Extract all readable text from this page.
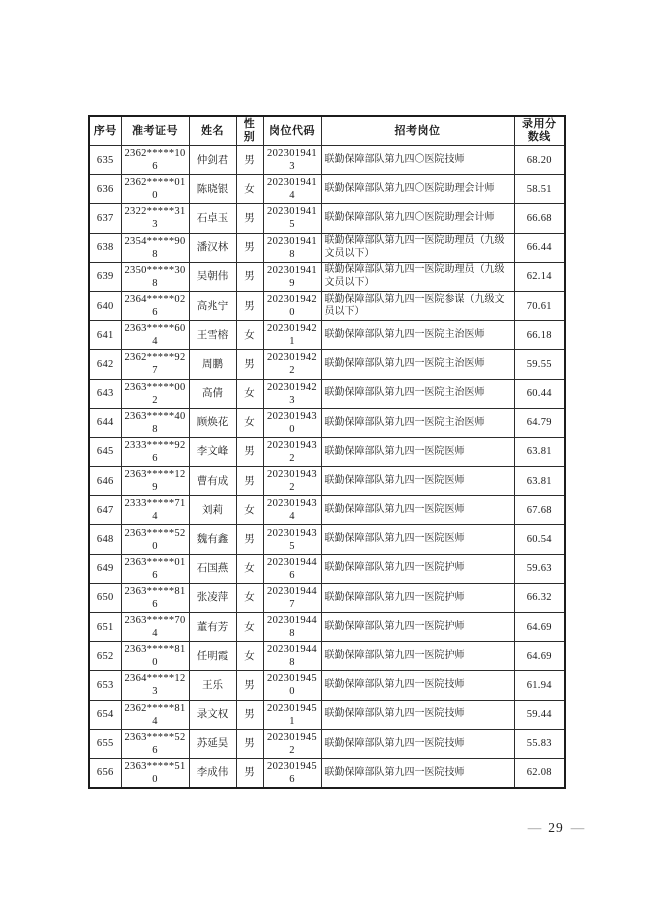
序号	准考证号	姓名	性别	岗位代码	招考岗位	录用分数线
635	2362*****106	仲剑君	男	2023019413	联勤保障部队第九四〇医院技师	68.20
636	2362*****010	陈晓银	女	2023019414	联勤保障部队第九四〇医院助理会计师	58.51
637	2322*****313	石卓玉	男	2023019415	联勤保障部队第九四〇医院助理会计师	66.68
638	2354*****908	潘汉林	男	2023019418	联勤保障部队第九四一医院助理员（九级文员以下）	66.44
639	2350*****308	吴朝伟	男	2023019419	联勤保障部队第九四一医院助理员（九级文员以下）	62.14
640	2364*****026	高兆宁	男	2023019420	联勤保障部队第九四一医院参谋（九级文员以下）	70.61
641	2363*****604	王雪榕	女	2023019421	联勤保障部队第九四一医院主治医师	66.18
642	2362*****927	周鹏	男	2023019422	联勤保障部队第九四一医院主治医师	59.55
643	2363*****002	高倩	女	2023019423	联勤保障部队第九四一医院主治医师	60.44
644	2363*****408	顾焕花	女	2023019430	联勤保障部队第九四一医院主治医师	64.79
645	2333*****926	李文峰	男	2023019432	联勤保障部队第九四一医院医师	63.81
646	2363*****129	曹有成	男	2023019432	联勤保障部队第九四一医院医师	63.81
647	2333*****714	刘莉	女	2023019434	联勤保障部队第九四一医院医师	67.68
648	2363*****520	魏有鑫	男	2023019435	联勤保障部队第九四一医院医师	60.54
649	2363*****016	石国燕	女	2023019446	联勤保障部队第九四一医院护师	59.63
650	2363*****816	张凌萍	女	2023019447	联勤保障部队第九四一医院护师	66.32
651	2363*****704	董有芳	女	2023019448	联勤保障部队第九四一医院护师	64.69
652	2363*****810	任明霞	女	2023019448	联勤保障部队第九四一医院护师	64.69
653	2364*****123	王乐	男	2023019450	联勤保障部队第九四一医院技师	61.94
654	2362*****814	录文权	男	2023019451	联勤保障部队第九四一医院技师	59.44
655	2363*****526	苏延昊	男	2023019452	联勤保障部队第九四一医院技师	55.83
656	2363*****510	李成伟	男	2023019456	联勤保障部队第九四一医院技师	62.08
— 29 —
